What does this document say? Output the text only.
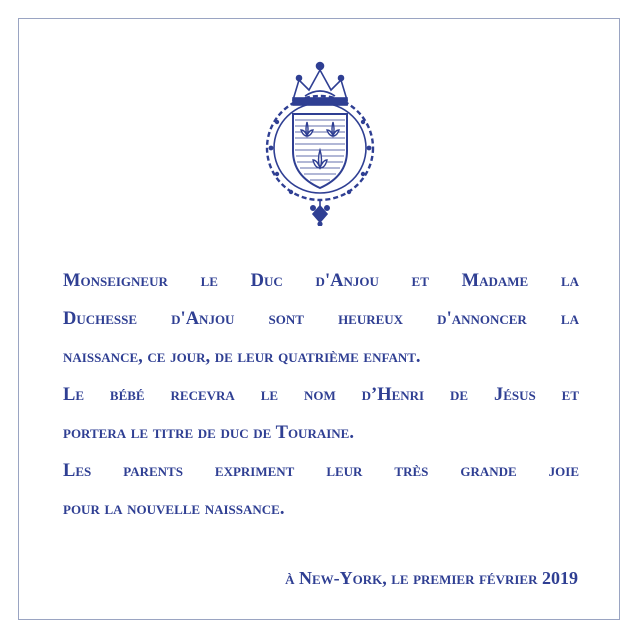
Monseigneur le Duc d'Anjou et Madame la
Duchesse d'Anjou sont heureux d'annoncer la
naissance, ce jour, de leur quatrième enfant.
Le bébé recevra le nom d’Henri de Jésus et
portera le titre de duc de Touraine.
Les parents expriment leur très grande joie
pour la nouvelle naissance.
à New-York, le premier février 2019
